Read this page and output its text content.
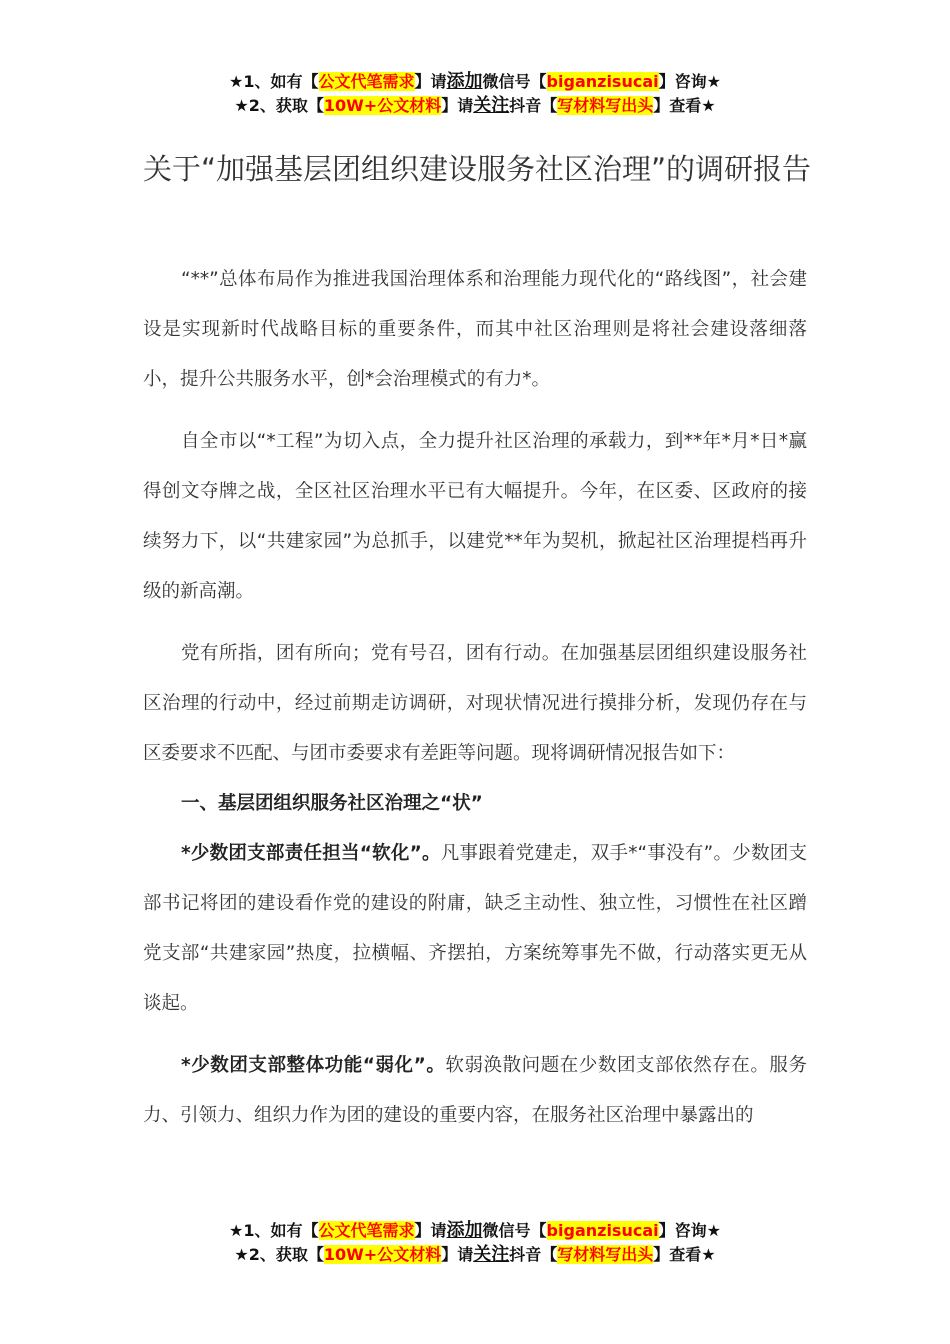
★1、如有【公文代笔需求】请添加微信号【biganzisucai】咨询★
★2、获取【10W+公文材料】请关注抖音【写材料写出头】查看★
关于“加强基层团组织建设服务社区治理”的调研报告

“**”总体布局作为推进我国治理体系和治理能力现代化的“路线图”，社会建设是实现新时代战略目标的重要条件，而其中社区治理则是将社会建设落细落小，提升公共服务水平，创*会治理模式的有力*。

自全市以“*工程”为切入点，全力提升社区治理的承载力，到**年*月*日*赢得创文夺牌之战，全区社区治理水平已有大幅提升。今年，在区委、区政府的接续努力下，以“共建家园”为总抓手，以建党**年为契机，掀起社区治理提档再升级的新高潮。

党有所指，团有所向；党有号召，团有行动。在加强基层团组织建设服务社区治理的行动中，经过前期走访调研，对现状情况进行摸排分析，发现仍存在与区委要求不匹配、与团市委要求有差距等问题。现将调研情况报告如下：

一、基层团组织服务社区治理之“状”

*少数团支部责任担当“软化”。凡事跟着党建走，双手*“事没有”。少数团支部书记将团的建设看作党的建设的附庸，缺乏主动性、独立性，习惯性在社区蹭党支部“共建家园”热度，拉横幅、齐摆拍，方案统筹事先不做，行动落实更无从谈起。

*少数团支部整体功能“弱化”。软弱涣散问题在少数团支部依然存在。服务力、引领力、组织力作为团的建设的重要内容，在服务社区治理中暴露出的

★1、如有【公文代笔需求】请添加微信号【biganzisucai】咨询★
★2、获取【10W+公文材料】请关注抖音【写材料写出头】查看★
